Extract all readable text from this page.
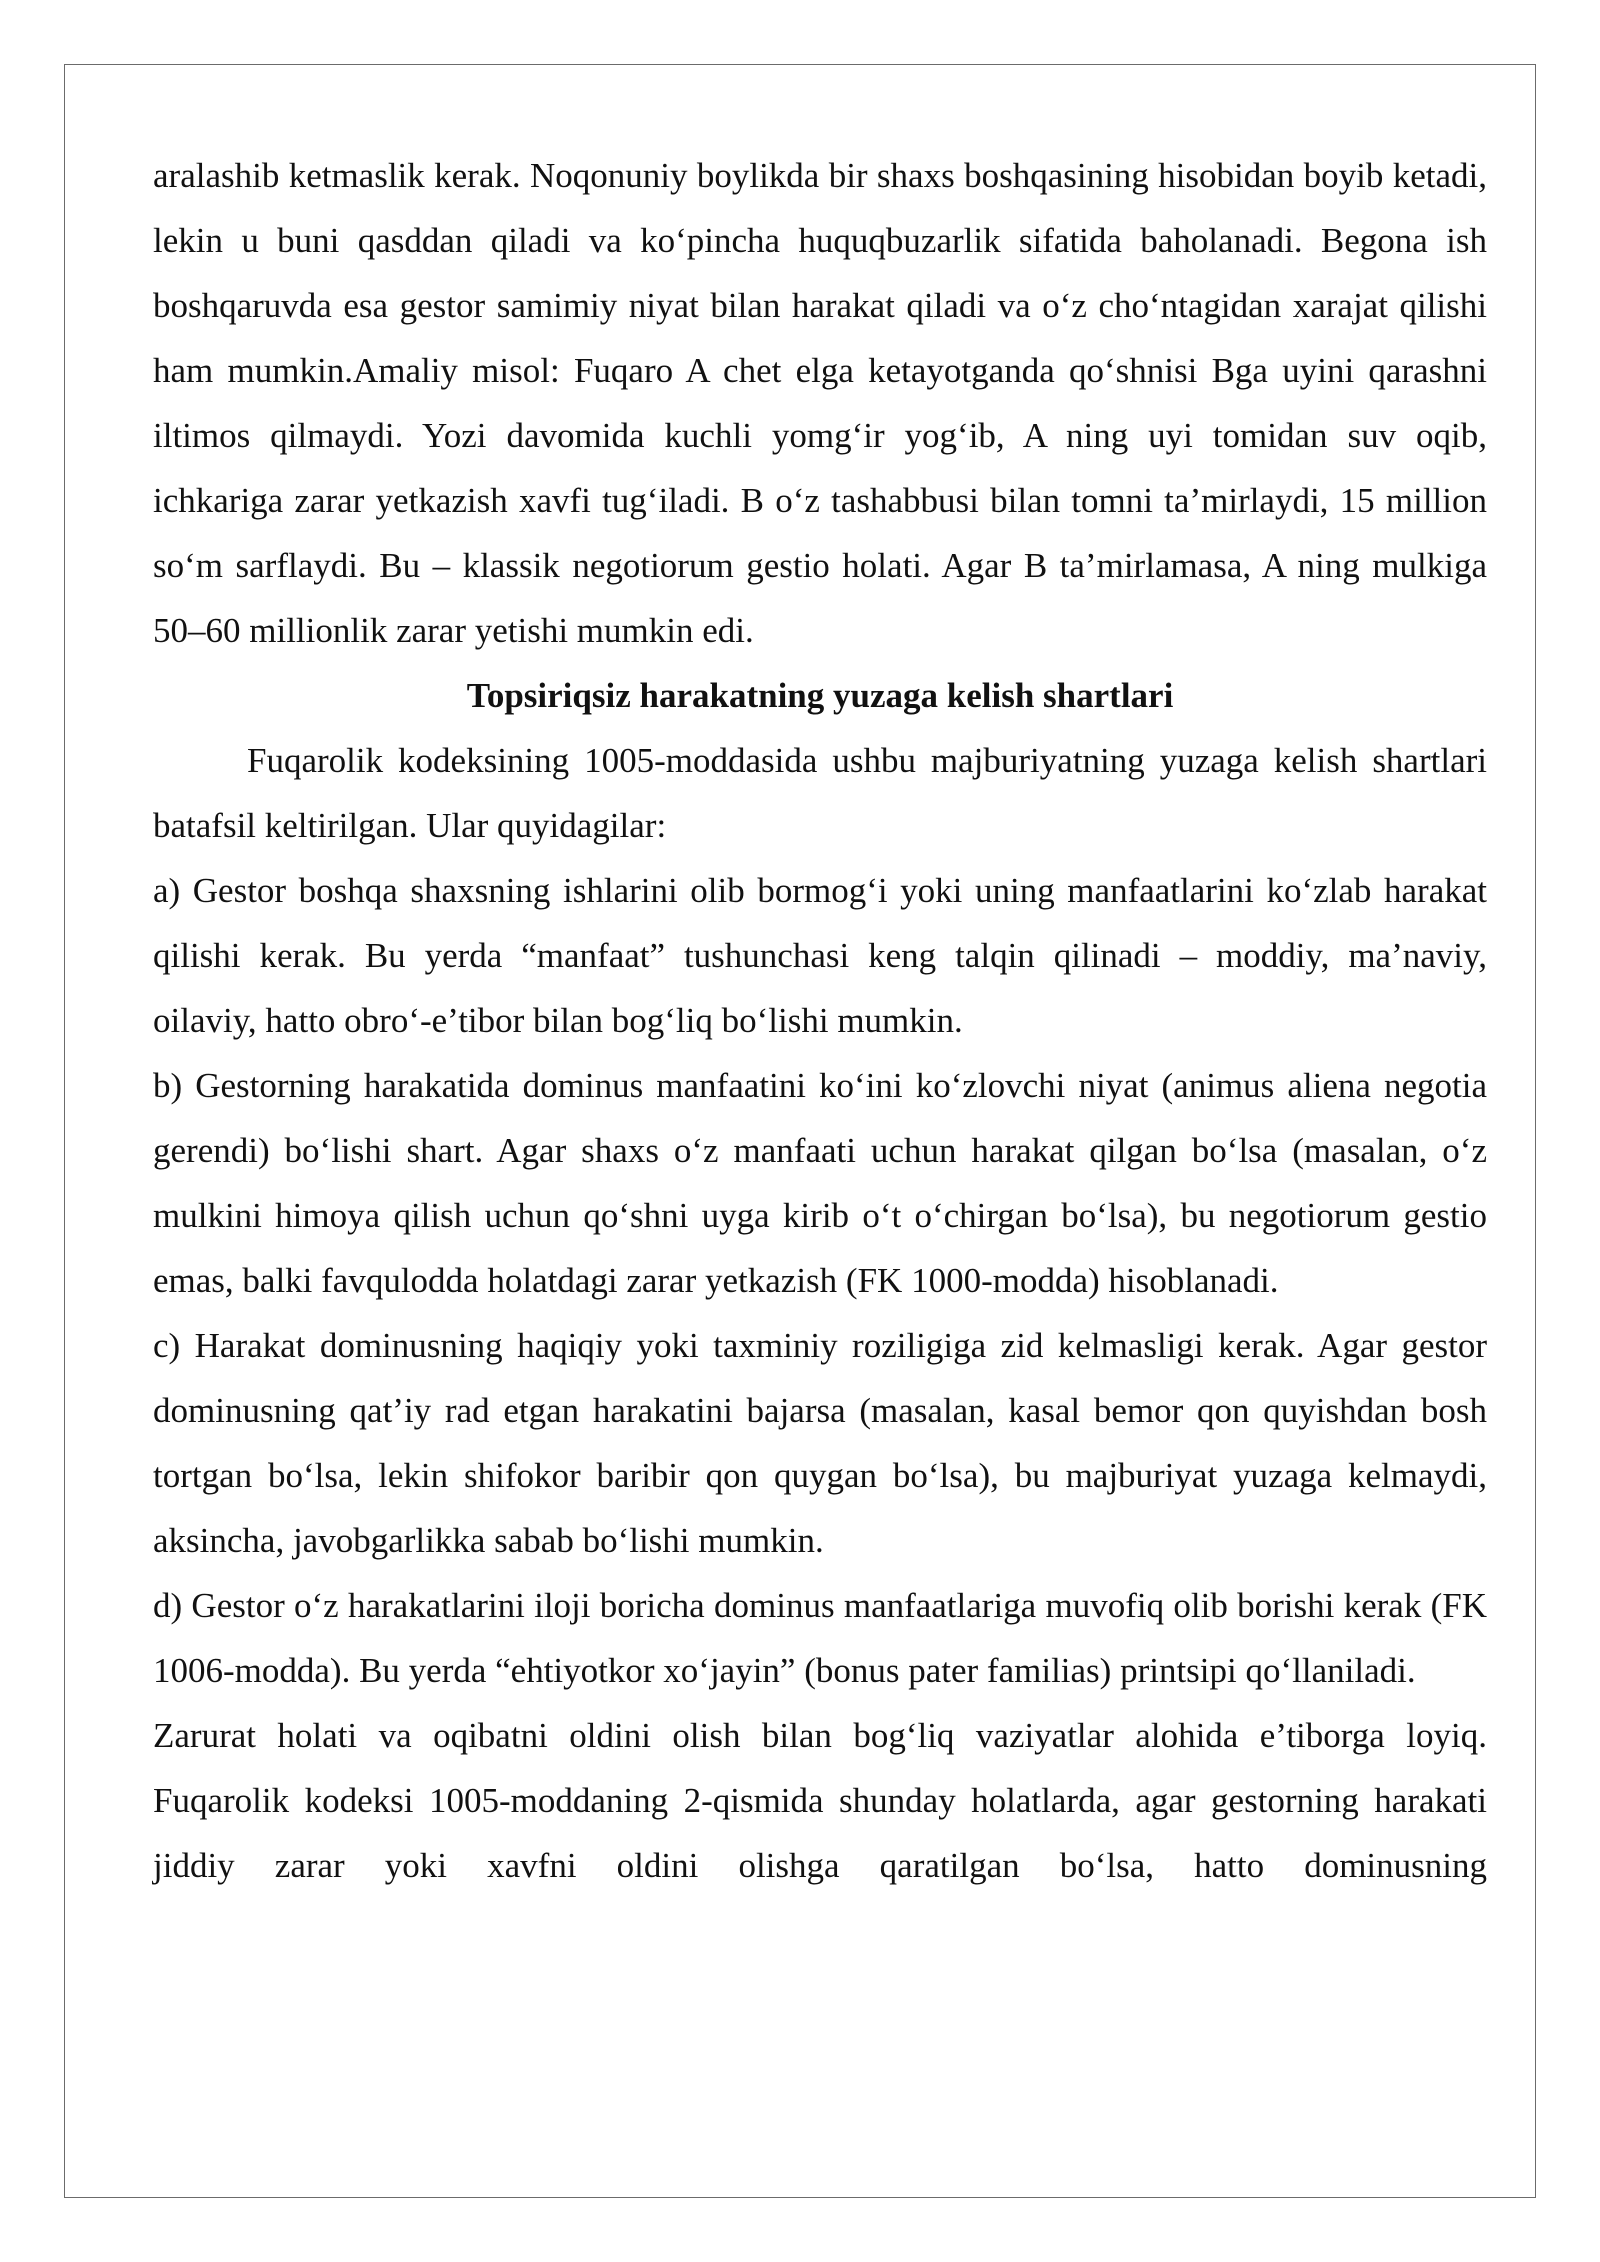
aralashib ketmaslik kerak. Noqonuniy boylikda bir shaxs boshqasining hisobidan boyib ketadi, lekin u buni qasddan qiladi va ko‘pincha huquqbuzarlik sifatida baholanadi. Begona ish boshqaruvda esa gestor samimiy niyat bilan harakat qiladi va o‘z cho‘ntagidan xarajat qilishi ham mumkin.Amaliy misol: Fuqaro A chet elga ketayotganda qo‘shnisi Bga uyini qarashni iltimos qilmaydi. Yozi davomida kuchli yomg‘ir yog‘ib, A ning uyi tomidan suv oqib, ichkariga zarar yetkazish xavfi tug‘iladi. B o‘z tashabbusi bilan tomni ta’mirlaydi, 15 million so‘m sarflaydi. Bu – klassik negotiorum gestio holati. Agar B ta’mirlamasa, A ning mulkiga 50–60 millionlik zarar yetishi mumkin edi.

Topsiriqsiz harakatning yuzaga kelish shartlari

Fuqarolik kodeksining 1005-moddasida ushbu majburiyatning yuzaga kelish shartlari batafsil keltirilgan. Ular quyidagilar:

a) Gestor boshqa shaxsning ishlarini olib bormog‘i yoki uning manfaatlarini ko‘zlab harakat qilishi kerak. Bu yerda “manfaat” tushunchasi keng talqin qilinadi – moddiy, ma’naviy, oilaviy, hatto obro‘-e’tibor bilan bog‘liq bo‘lishi mumkin.

b) Gestorning harakatida dominus manfaatini ko‘ini ko‘zlovchi niyat (animus aliena negotia gerendi) bo‘lishi shart. Agar shaxs o‘z manfaati uchun harakat qilgan bo‘lsa (masalan, o‘z mulkini himoya qilish uchun qo‘shni uyga kirib o‘t o‘chirgan bo‘lsa), bu negotiorum gestio emas, balki favqulodda holatdagi zarar yetkazish (FK 1000-modda) hisoblanadi.

c) Harakat dominusning haqiqiy yoki taxminiy roziligiga zid kelmasligi kerak. Agar gestor dominusning qat’iy rad etgan harakatini bajarsa (masalan, kasal bemor qon quyishdan bosh tortgan bo‘lsa, lekin shifokor baribir qon quygan bo‘lsa), bu majburiyat yuzaga kelmaydi, aksincha, javobgarlikka sabab bo‘lishi mumkin.

d) Gestor o‘z harakatlarini iloji boricha dominus manfaatlariga muvofiq olib borishi kerak (FK 1006-modda). Bu yerda “ehtiyotkor xo‘jayin” (bonus pater familias) printsipi qo‘llaniladi.

Zarurat holati va oqibatni oldini olish bilan bog‘liq vaziyatlar alohida e’tiborga loyiq. Fuqarolik kodeksi 1005-moddaning 2-qismida shunday holatlarda, agar gestorning harakati jiddiy zarar yoki xavfni oldini olishga qaratilgan bo‘lsa, hatto dominusning
